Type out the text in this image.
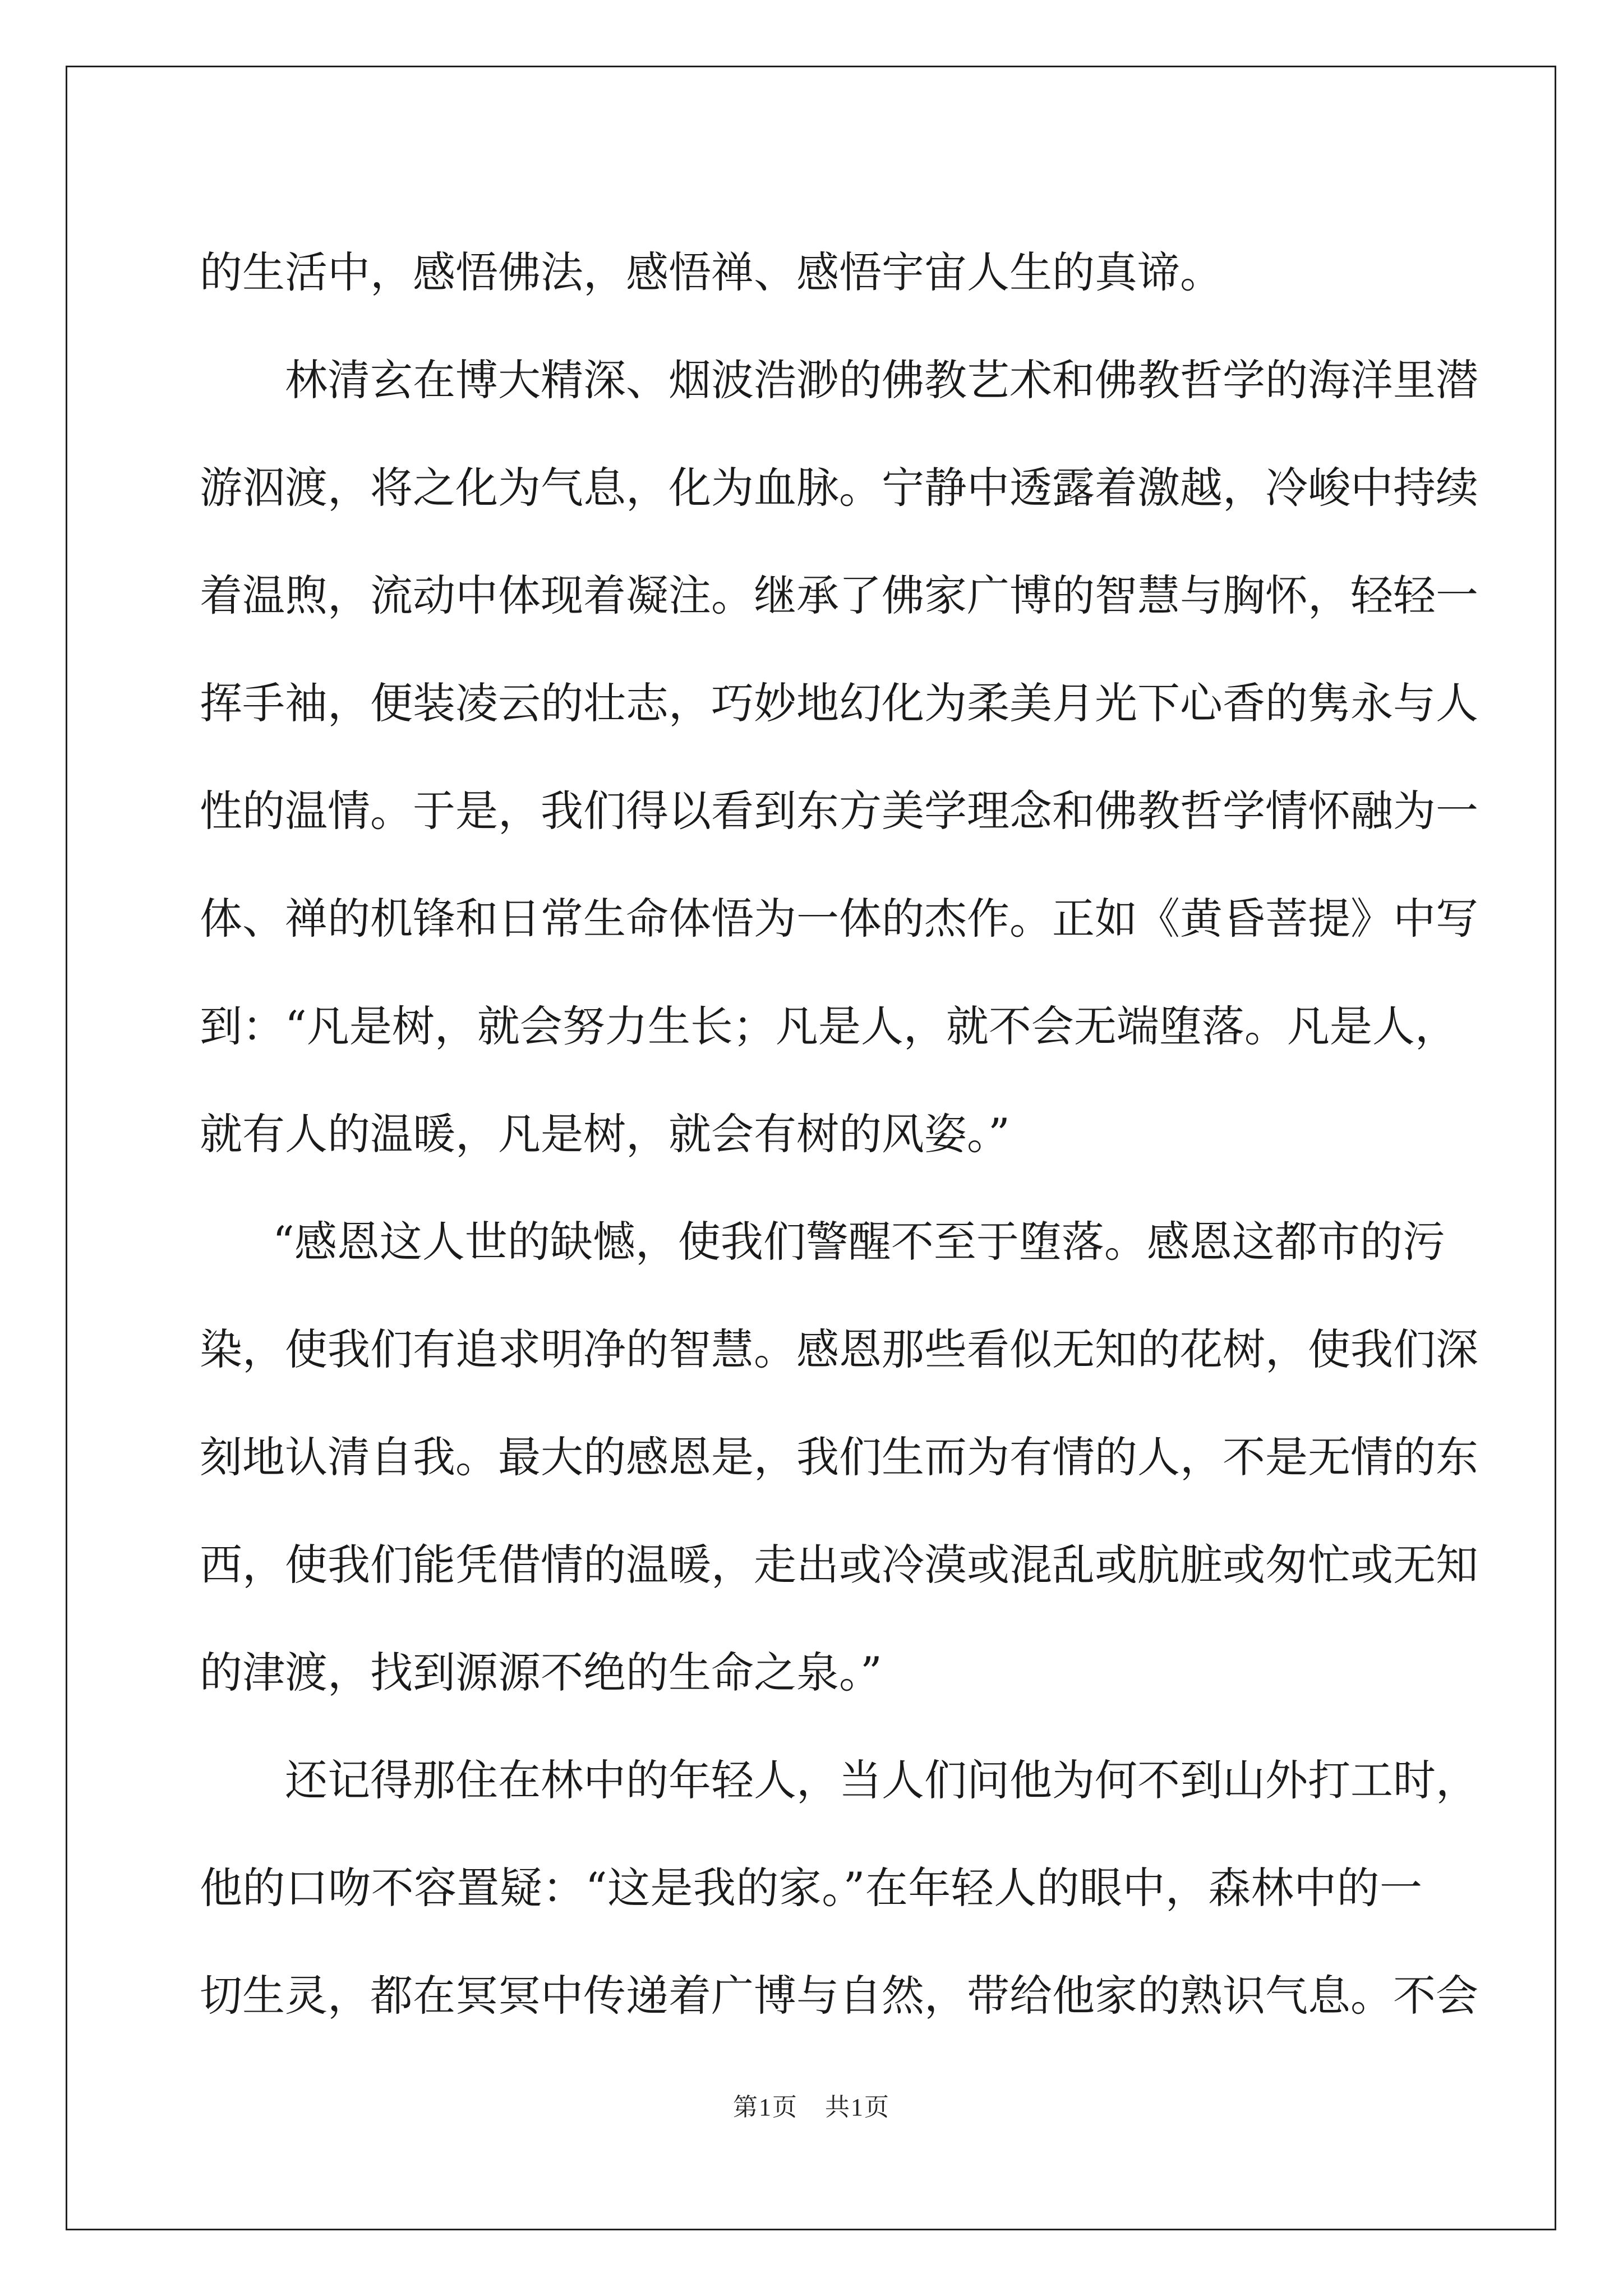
的生活中，感悟佛法，感悟禅、感悟宇宙人生的真谛。
林清玄在博大精深、烟波浩渺的佛教艺术和佛教哲学的海洋里潜
游泅渡，将之化为气息，化为血脉。宁静中透露着激越，冷峻中持续
着温煦，流动中体现着凝注。继承了佛家广博的智慧与胸怀，轻轻一
挥手袖，便装凌云的壮志，巧妙地幻化为柔美月光下心香的隽永与人
性的温情。于是，我们得以看到东方美学理念和佛教哲学情怀融为一
体、禅的机锋和日常生命体悟为一体的杰作。正如《黄昏菩提》中写
到：“凡是树，就会努力生长；凡是人，就不会无端堕落。凡是人，
就有人的温暖，凡是树，就会有树的风姿。”
“感恩这人世的缺憾，使我们警醒不至于堕落。感恩这都市的污
染，使我们有追求明净的智慧。感恩那些看似无知的花树，使我们深
刻地认清自我。最大的感恩是，我们生而为有情的人，不是无情的东
西，使我们能凭借情的温暖，走出或冷漠或混乱或肮脏或匆忙或无知
的津渡，找到源源不绝的生命之泉。”
还记得那住在林中的年轻人，当人们问他为何不到山外打工时，
他的口吻不容置疑：“这是我的家。”在年轻人的眼中，森林中的一
切生灵，都在冥冥中传递着广博与自然，带给他家的熟识气息。不会
第1页 共1页
